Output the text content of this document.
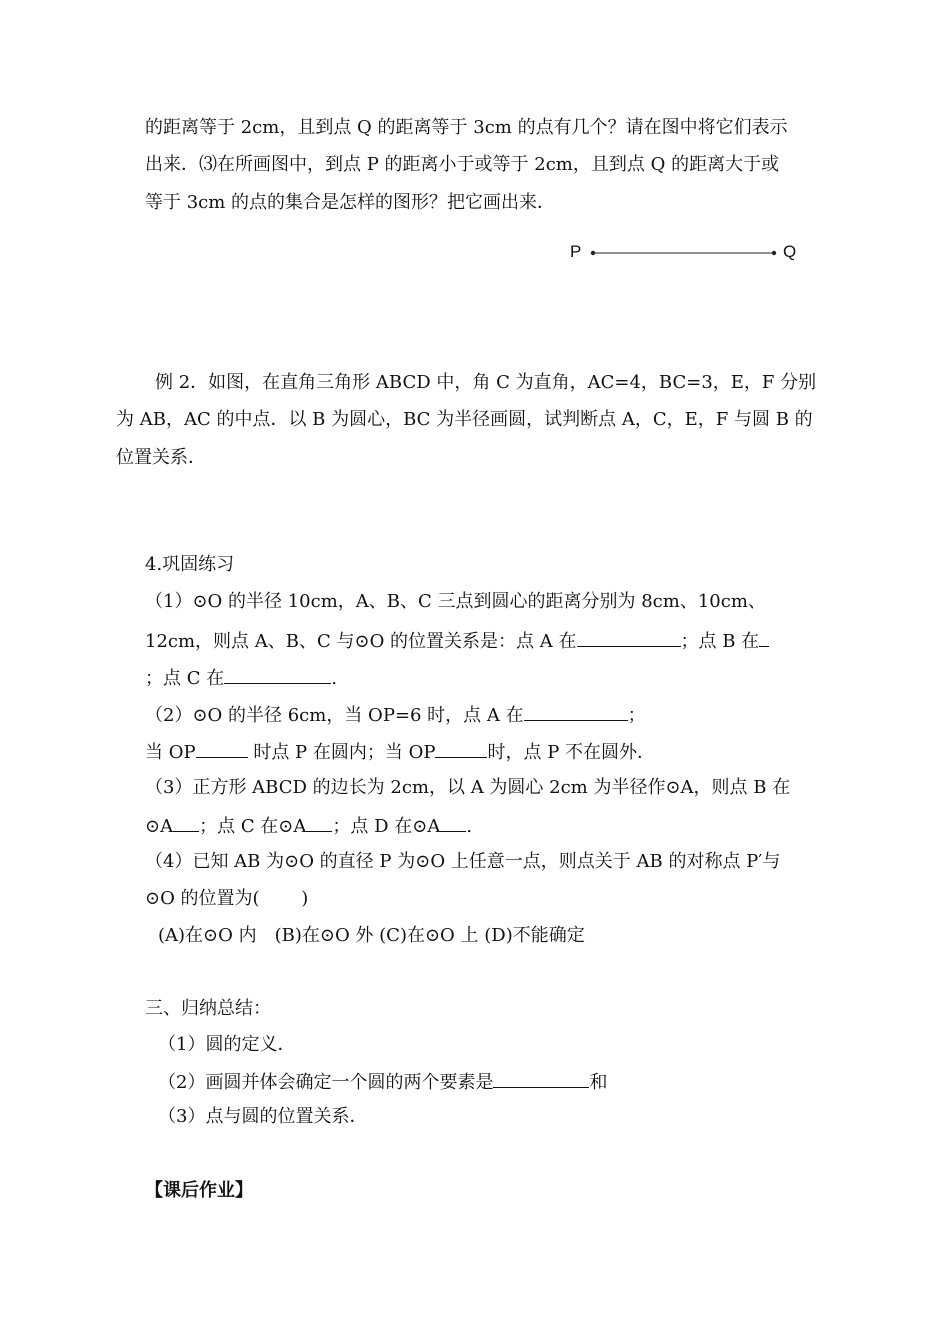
的距离等于 2cm，且到点 Q 的距离等于 3cm 的点有几个？请在图中将它们表示
出来．⑶在所画图中，到点 P 的距离小于或等于 2cm，且到点 Q 的距离大于或
等于 3cm 的点的集合是怎样的图形？把它画出来．
P	Q
例 2．如图，在直角三角形 ABCD 中，角 C 为直角，AC=4，BC=3，E，F 分别
为 AB，AC 的中点．以 B 为圆心，BC 为半径画圆，试判断点 A，C，E，F 与圆 B 的
位置关系．
4.巩固练习
（1）⊙O 的半径 10cm，A、B、C 三点到圆心的距离分别为 8cm、10cm、
12cm，则点 A、B、C 与⊙O 的位置关系是：点 A 在	；点 B 在
；点 C 在	.
（2）⊙O 的半径 6cm，当 OP=6 时，点 A 在	；
当 OP	时点 P 在圆内；当 OP	时，点 P 不在圆外．
（3）正方形 ABCD 的边长为 2cm，以 A 为圆心 2cm 为半径作⊙A，则点 B 在
⊙A ；点 C 在⊙A ；点 D 在⊙A .
（4）已知 AB 为⊙O 的直径 P 为⊙O 上任意一点，则点关于 AB 的对称点 P′与
⊙O 的位置为(　　 )
(A)在⊙O 内　(B)在⊙O 外 (C)在⊙O 上 (D)不能确定
三、归纳总结：
（1）圆的定义．
（2）画圆并体会确定一个圆的两个要素是	和
（3）点与圆的位置关系．
【课后作业】
